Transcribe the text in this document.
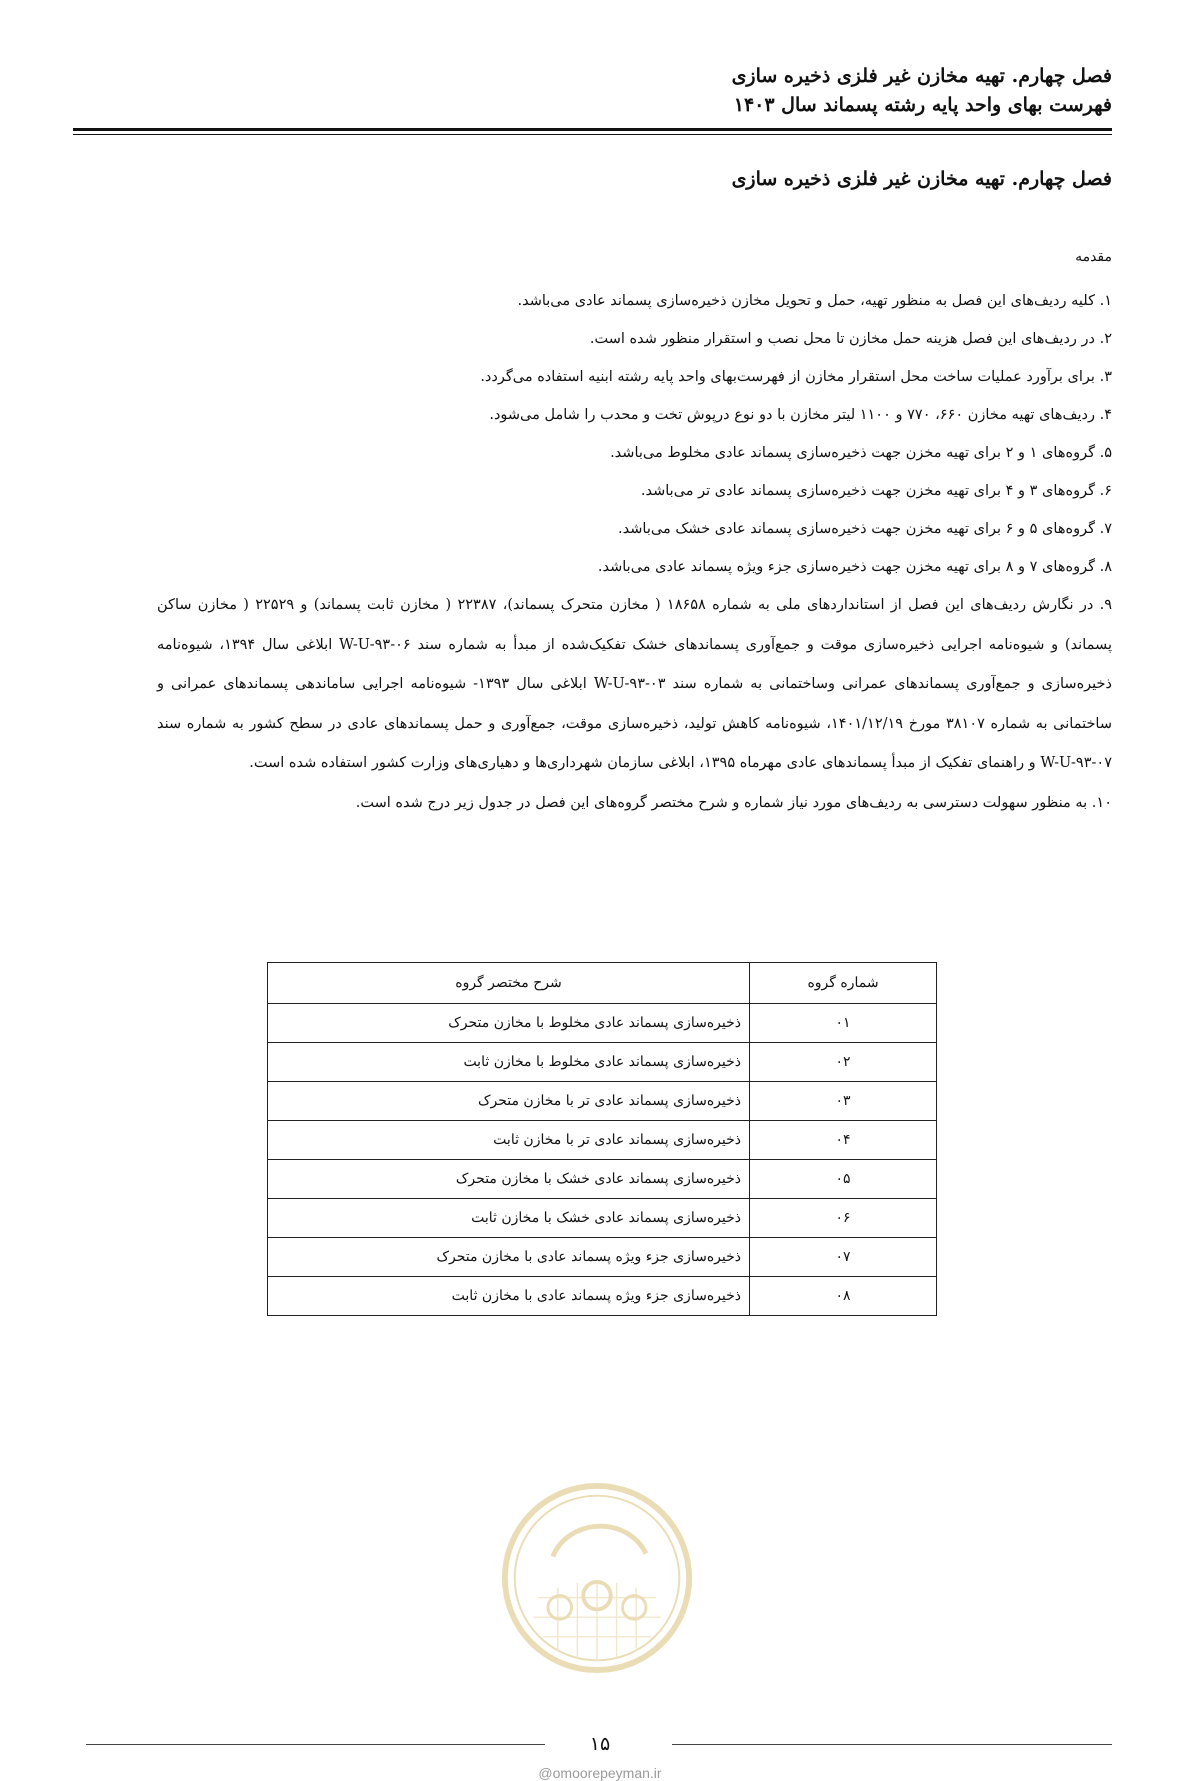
فصل چهارم. تهیه مخازن غیر فلزی ذخیره سازی
فهرست بهای واحد پایه رشته پسماند سال ۱۴۰۳
فصل چهارم. تهیه مخازن غیر فلزی ذخیره سازی
مقدمه
۱. کلیه ردیف‌های این فصل به منظور تهیه، حمل و تحویل مخازن ذخیره‌سازی پسماند عادی می‌باشد.
۲. در ردیف‌های این فصل هزینه حمل مخازن تا محل نصب و استقرار منظور شده است.
۳. برای برآورد عملیات ساخت محل استقرار مخازن از فهرست‌بهای واحد پایه رشته ابنیه استفاده می‌گردد.
۴. ردیف‌های تهیه مخازن ۶۶۰، ۷۷۰ و ۱۱۰۰ لیتر مخازن با دو نوع درپوش تخت و محدب را شامل می‌شود.
۵. گروه‌های ۱ و ۲ برای تهیه مخزن جهت ذخیره‌سازی پسماند عادی مخلوط می‌باشد.
۶. گروه‌های ۳ و ۴ برای تهیه مخزن جهت ذخیره‌سازی پسماند عادی تر می‌باشد.
۷. گروه‌های ۵ و ۶ برای تهیه مخزن جهت ذخیره‌سازی پسماند عادی خشک می‌باشد.
۸. گروه‌های ۷ و ۸ برای تهیه مخزن جهت ذخیره‌سازی جزء ویژه پسماند عادی می‌باشد.
۹. در نگارش ردیف‌های این فصل از استانداردهای ملی به شماره ۱۸۶۵۸ ( مخازن متحرک پسماند)، ۲۲۳۸۷ ( مخازن ثابت پسماند) و ۲۲۵۲۹ ( مخازن ساکن پسماند) و شیوه‌نامه اجرایی ذخیره‌سازی موقت و جمع‌آوری پسماندهای خشک تفکیک‌شده از مبدأ به شماره سند ۰۶-W-U-۹۳ ابلاغی سال ۱۳۹۴، شیوه‌نامه ذخیره‌سازی و جمع‌آوری پسماندهای عمرانی وساختمانی به شماره سند ۰۳-W-U-۹۳ ابلاغی سال ۱۳۹۳- شیوه‌نامه اجرایی ساماندهی پسماندهای عمرانی و ساختمانی به شماره ۳۸۱۰۷ مورخ ۱۴۰۱/۱۲/۱۹، شیوه‌نامه کاهش تولید، ذخیره‌سازی موقت، جمع‌آوری و حمل پسماندهای عادی در سطح کشور به شماره سند ۰۷-W-U-۹۳ و راهنمای تفکیک از مبدأ پسماندهای عادی مهرماه ۱۳۹۵، ابلاغی سازمان شهرداری‌ها و دهیاری‌های وزارت کشور استفاده شده است.
۱۰. به منظور سهولت دسترسی به ردیف‌های مورد نیاز شماره و شرح مختصر گروه‌های این فصل در جدول زیر درج شده است.
شماره گروه	شرح مختصر گروه
۰۱	ذخیره‌سازی پسماند عادی مخلوط با مخازن متحرک
۰۲	ذخیره‌سازی پسماند عادی مخلوط با مخازن ثابت
۰۳	ذخیره‌سازی پسماند عادی تر با مخازن متحرک
۰۴	ذخیره‌سازی پسماند عادی تر با مخازن ثابت
۰۵	ذخیره‌سازی پسماند عادی خشک با مخازن متحرک
۰۶	ذخیره‌سازی پسماند عادی خشک با مخازن ثابت
۰۷	ذخیره‌سازی جزء ویژه پسماند عادی با مخازن متحرک
۰۸	ذخیره‌سازی جزء ویژه پسماند عادی با مخازن ثابت
۱۵
@omoorepeyman.ir
